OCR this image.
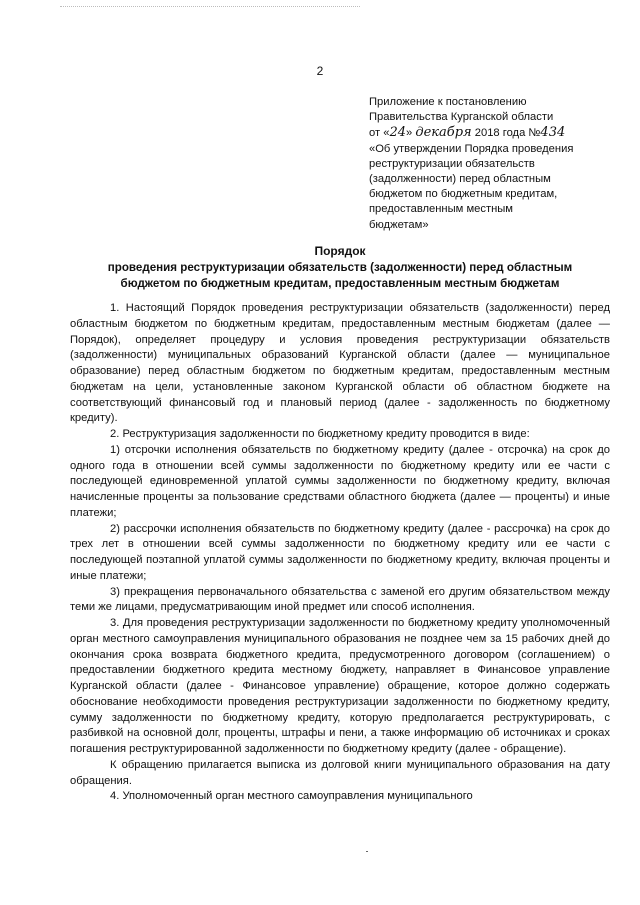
2
Приложение к постановлению
Правительства Курганской области
от «24» декабря 2018 года №434
«Об утверждении Порядка проведения
реструктуризации обязательств
(задолженности) перед областным
бюджетом по бюджетным кредитам,
предоставленным местным
бюджетам»
Порядок
проведения реструктуризации обязательств (задолженности) перед областным
бюджетом по бюджетным кредитам, предоставленным местным бюджетам

1. Настоящий Порядок проведения реструктуризации обязательств (задолженности) перед областным бюджетом по бюджетным кредитам, предоставленным местным бюджетам (далее — Порядок), определяет процедуру и условия проведения реструктуризации обязательств (задолженности) муниципальных образований Курганской области (далее — муниципальное образование) перед областным бюджетом по бюджетным кредитам, предоставленным местным бюджетам на цели, установленные законом Курганской области об областном бюджете на соответствующий финансовый год и плановый период (далее - задолженность по бюджетному кредиту).

2. Реструктуризация задолженности по бюджетному кредиту проводится в виде:

1) отсрочки исполнения обязательств по бюджетному кредиту (далее - отсрочка) на срок до одного года в отношении всей суммы задолженности по бюджетному кредиту или ее части с последующей единовременной уплатой суммы задолженности по бюджетному кредиту, включая начисленные проценты за пользование средствами областного бюджета (далее — проценты) и иные платежи;

2) рассрочки исполнения обязательств по бюджетному кредиту (далее - рассрочка) на срок до трех лет в отношении всей суммы задолженности по бюджетному кредиту или ее части с последующей поэтапной уплатой суммы задолженности по бюджетному кредиту, включая проценты и иные платежи;

3) прекращения первоначального обязательства с заменой его другим обязательством между теми же лицами, предусматривающим иной предмет или способ исполнения.

3. Для проведения реструктуризации задолженности по бюджетному кредиту уполномоченный орган местного самоуправления муниципального образования не позднее чем за 15 рабочих дней до окончания срока возврата бюджетного кредита, предусмотренного договором (соглашением) о предоставлении бюджетного кредита местному бюджету, направляет в Финансовое управление Курганской области (далее - Финансовое управление) обращение, которое должно содержать обоснование необходимости проведения реструктуризации задолженности по бюджетному кредиту, сумму задолженности по бюджетному кредиту, которую предполагается реструктурировать, с разбивкой на основной долг, проценты, штрафы и пени, а также информацию об источниках и сроках погашения реструктурированной задолженности по бюджетному кредиту (далее - обращение).

К обращению прилагается выписка из долговой книги муниципального образования на дату обращения.

4. Уполномоченный орган местного самоуправления муниципального
